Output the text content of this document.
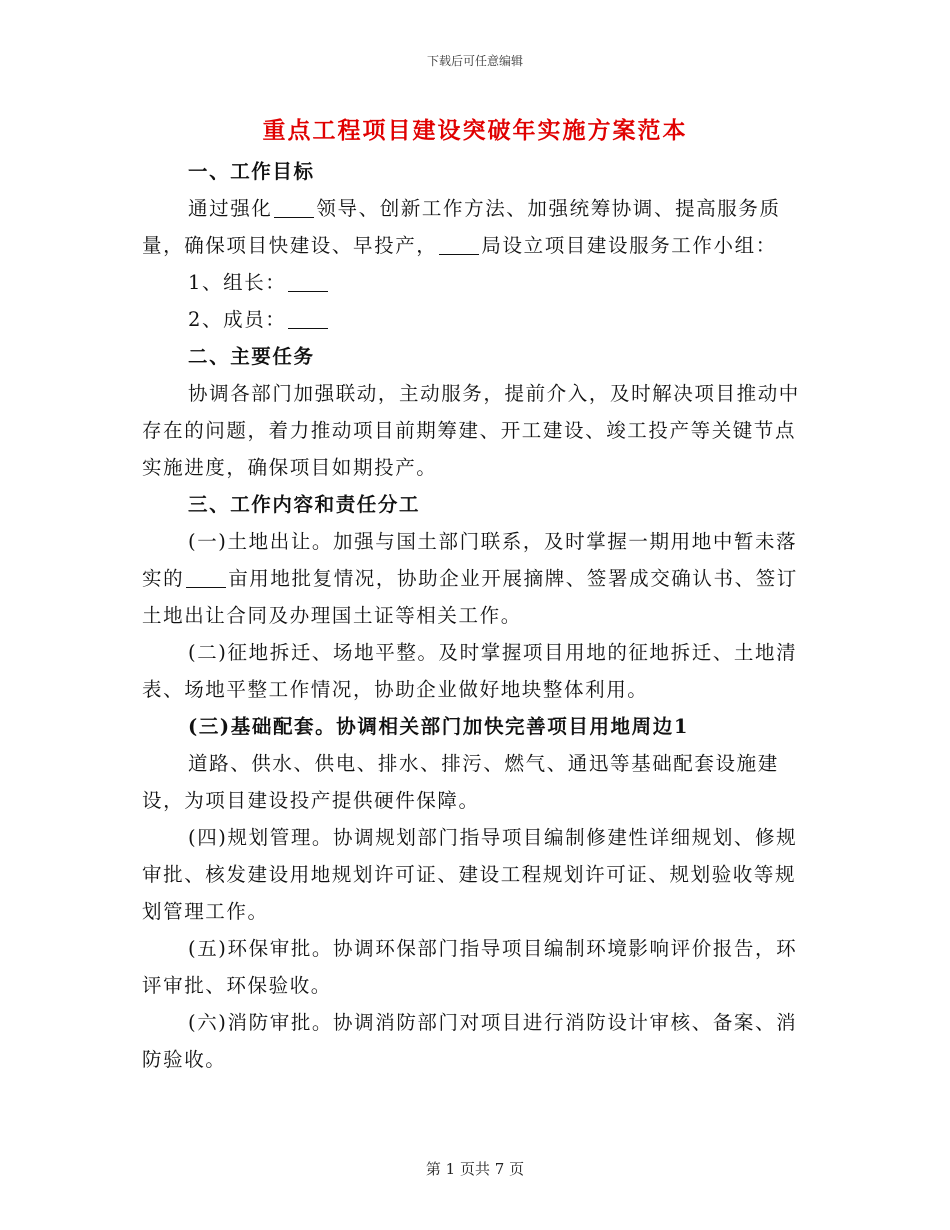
下载后可任意编辑
重点工程项目建设突破年实施方案范本

一、工作目标

通过强化 领导、创新工作方法、加强统筹协调、提高服务质量，确保项目快建设、早投产， 局设立项目建设服务工作小组：

1、组长：

2、成员：

二、主要任务

协调各部门加强联动，主动服务，提前介入，及时解决项目推动中存在的问题，着力推动项目前期筹建、开工建设、竣工投产等关键节点实施进度，确保项目如期投产。

三、工作内容和责任分工

(一)土地出让。加强与国土部门联系，及时掌握一期用地中暂未落实的 亩用地批复情况，协助企业开展摘牌、签署成交确认书、签订土地出让合同及办理国土证等相关工作。

(二)征地拆迁、场地平整。及时掌握项目用地的征地拆迁、土地清表、场地平整工作情况，协助企业做好地块整体利用。

(三)基础配套。协调相关部门加快完善项目用地周边1

道路、供水、供电、排水、排污、燃气、通迅等基础配套设施建设，为项目建设投产提供硬件保障。

(四)规划管理。协调规划部门指导项目编制修建性详细规划、修规审批、核发建设用地规划许可证、建设工程规划许可证、规划验收等规划管理工作。

(五)环保审批。协调环保部门指导项目编制环境影响评价报告，环评审批、环保验收。

(六)消防审批。协调消防部门对项目进行消防设计审核、备案、消防验收。

第 1 页共 7 页
